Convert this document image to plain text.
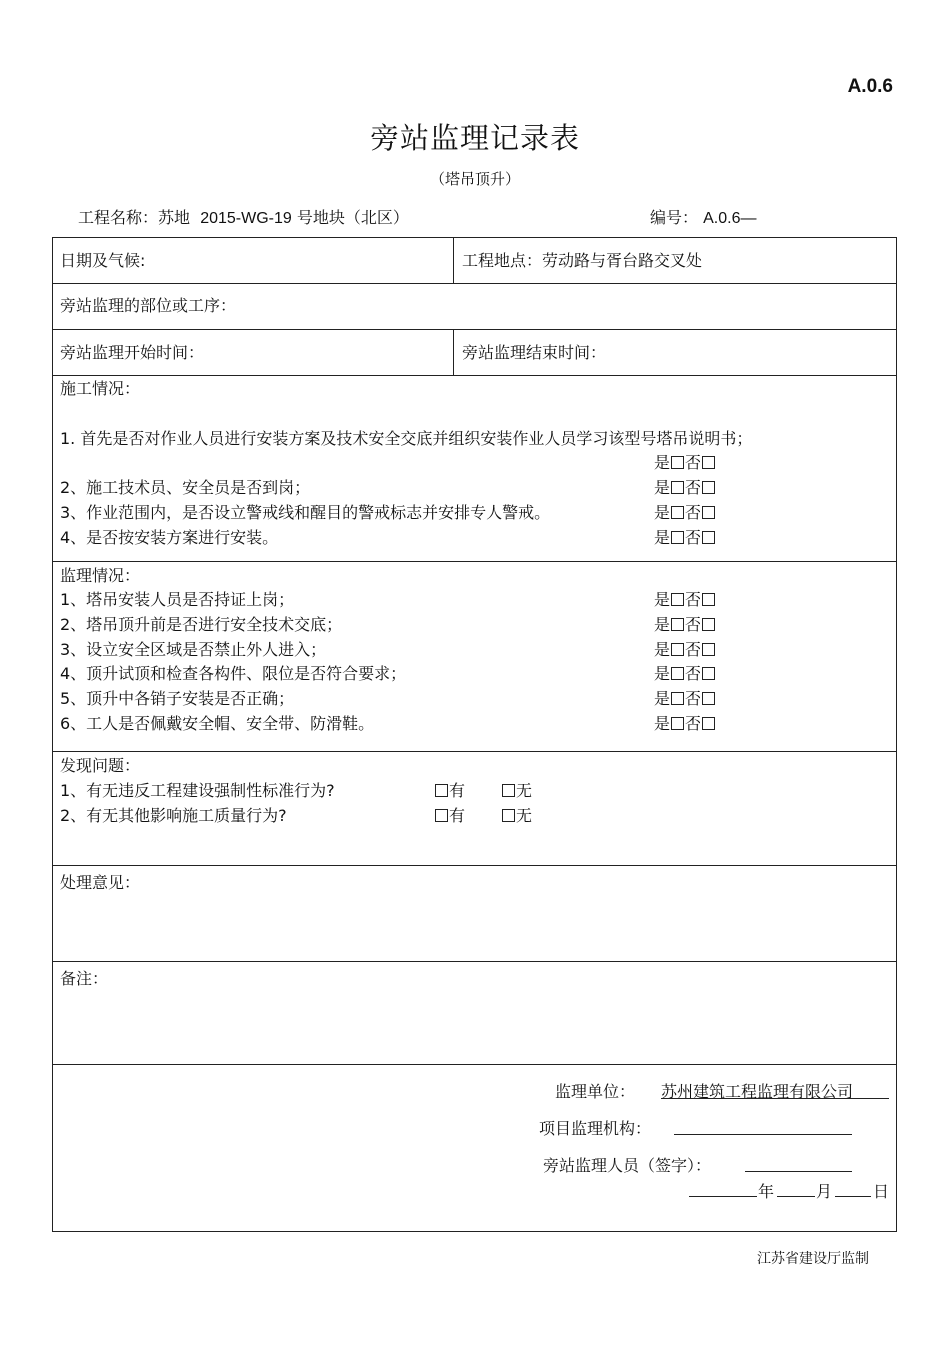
A.0.6
旁站监理记录表
（塔吊顶升）
工程名称：苏地 2015-WG-19 号地块（北区）	编号： A.0.6—
日期及气候:	工程地点：劳动路与胥台路交叉处
旁站监理的部位或工序：
旁站监理开始时间：	旁站监理结束时间：
施工情况：
1. 首先是否对作业人员进行安装方案及技术安全交底并组织安装作业人员学习该型号塔吊说明书；
是 否
2、施工技术员、安全员是否到岗；	是 否
3、作业范围内，是否设立警戒线和醒目的警戒标志并安排专人警戒。	是 否
4、是否按安装方案进行安装。	是 否
监理情况：
1、塔吊安装人员是否持证上岗；	是 否
2、塔吊顶升前是否进行安全技术交底；	是 否
3、设立安全区域是否禁止外人进入；	是 否
4、顶升试顶和检查各构件、限位是否符合要求；	是 否
5、顶升中各销子安装是否正确；	是 否
6、工人是否佩戴安全帽、安全带、防滑鞋。	是 否
发现问题：
1、有无违反工程建设强制性标准行为?	有	无
2、有无其他影响施工质量行为?	有	无
处理意见：
备注：
监理单位： 苏州建筑工程监理有限公司
项目监理机构：
旁站监理人员（签字）：
年	月	日
江苏省建设厅监制
